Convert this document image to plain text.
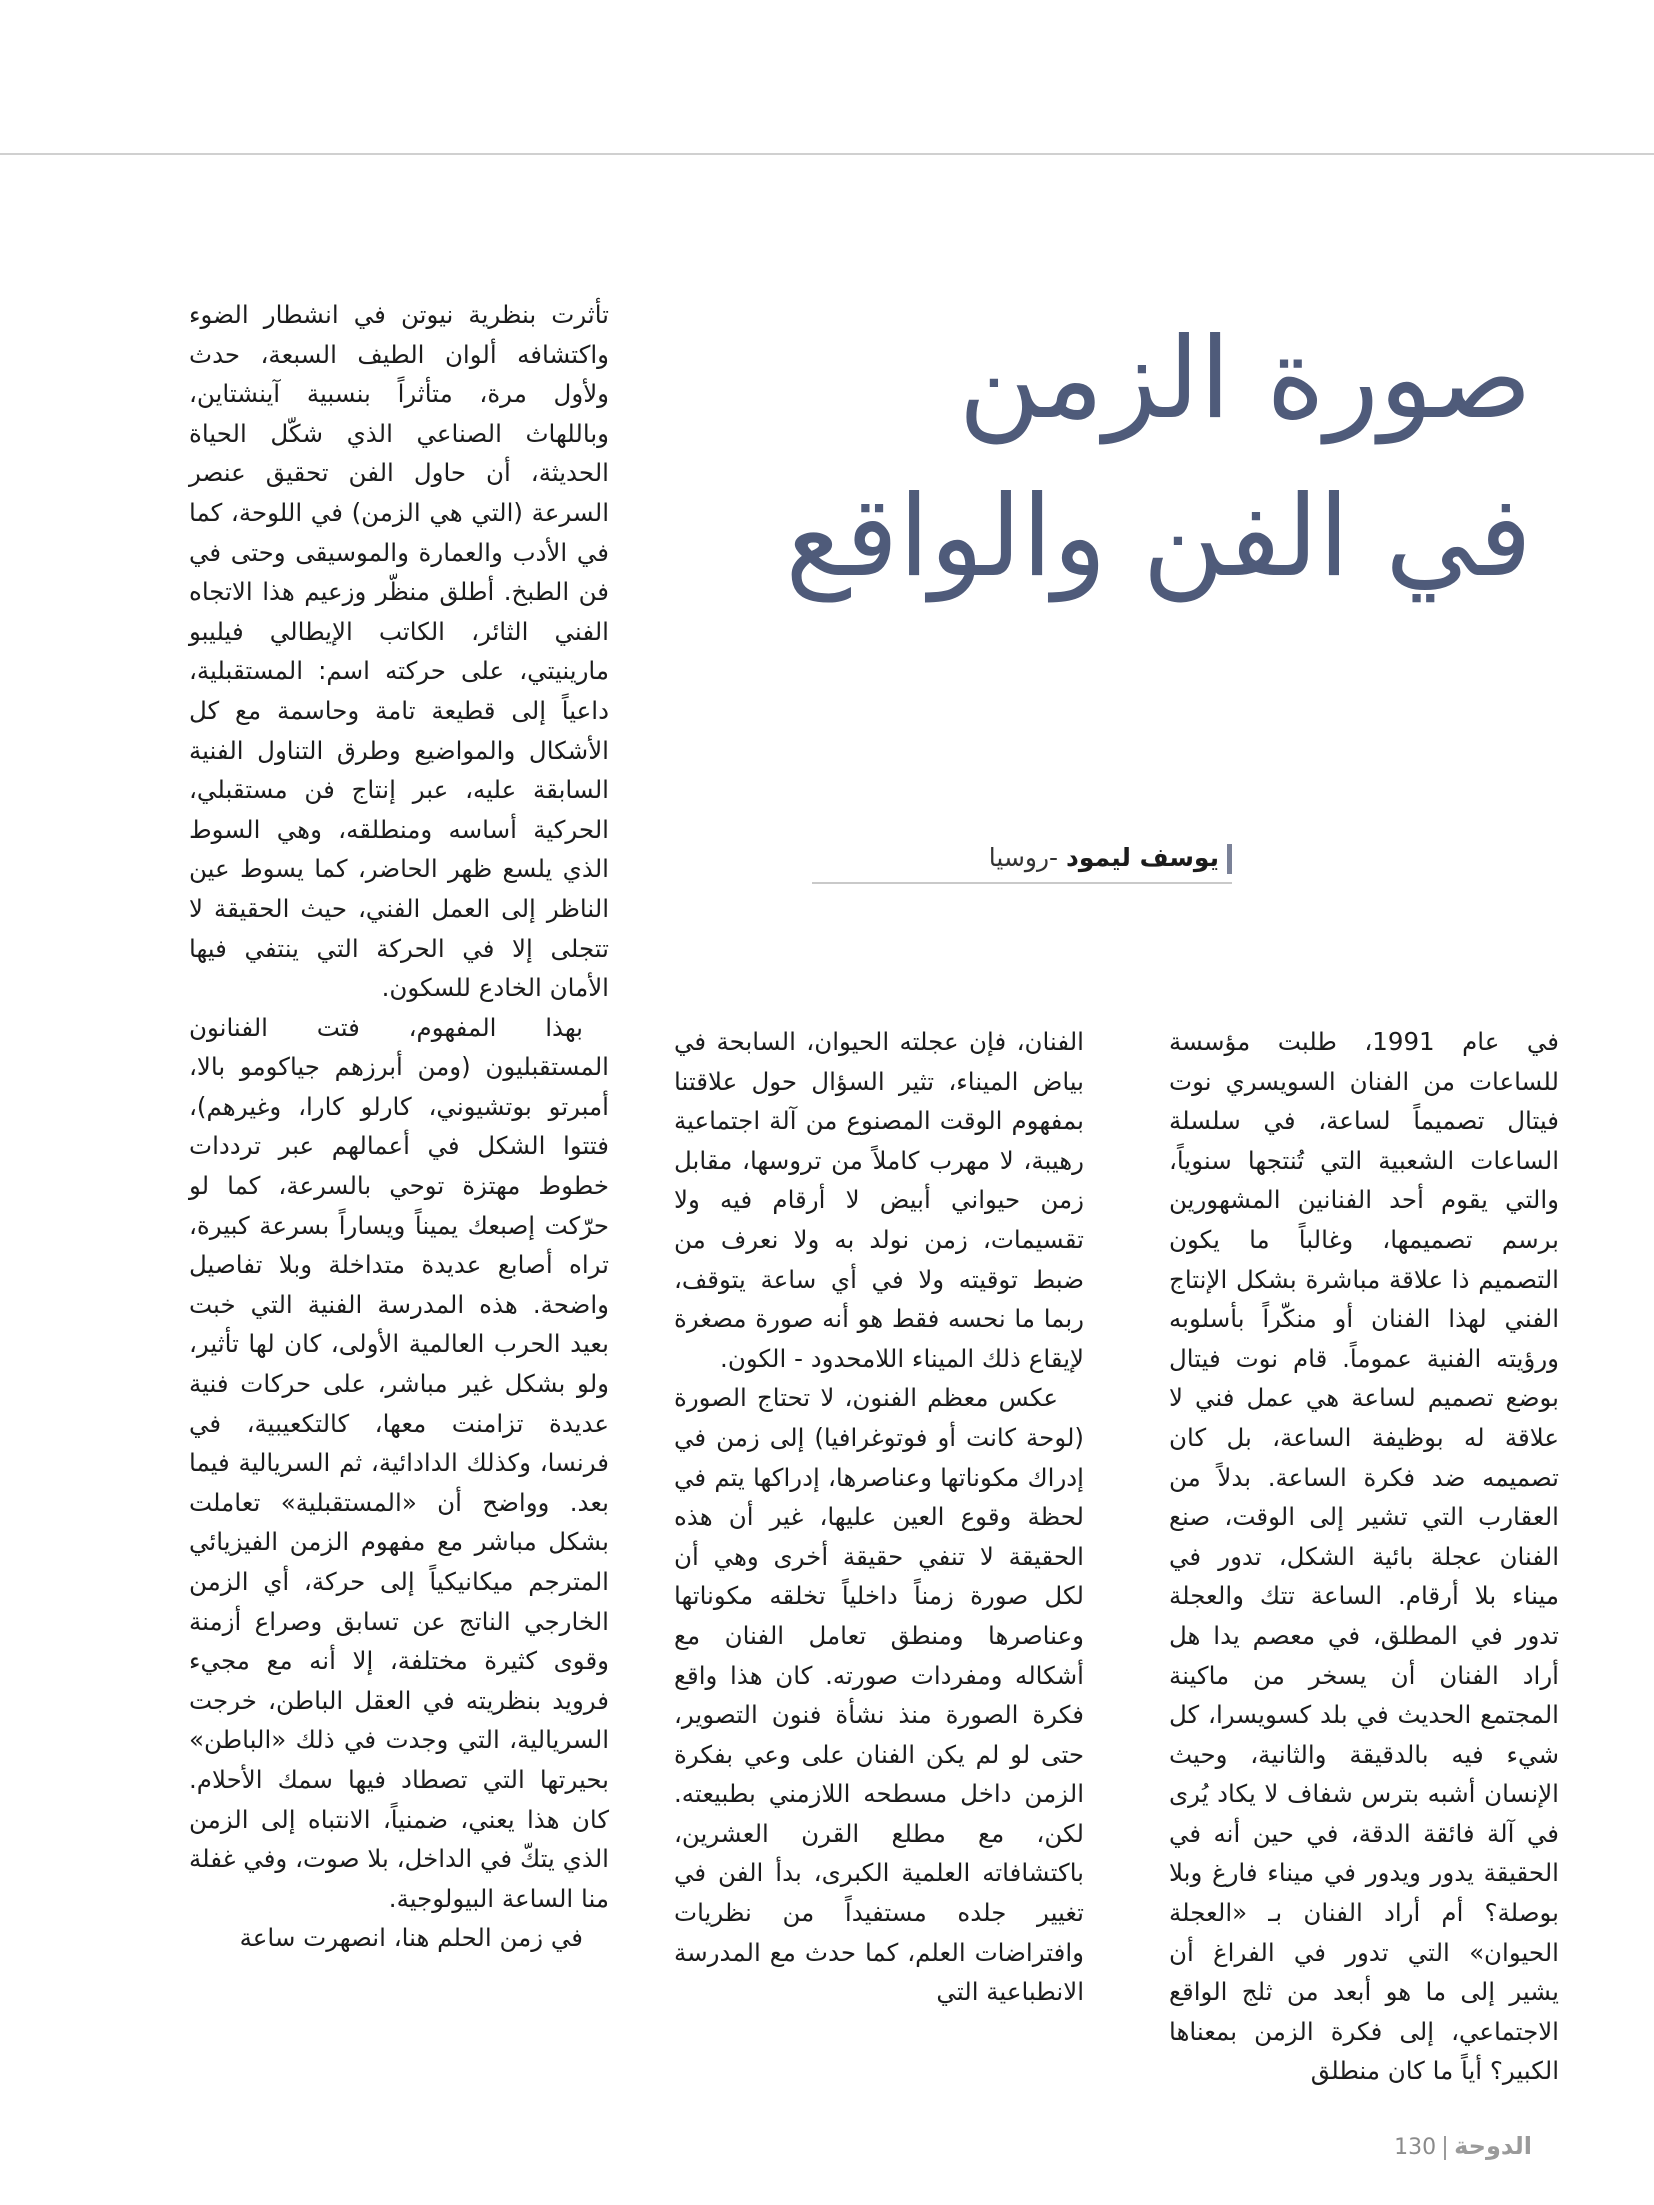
صورة الزمن
في الفن والواقع
يوسف ليمود -روسيا

في عام 1991، طلبت مؤسسة للساعات من الفنان السويسري نوت فيتال تصميماً لساعة، في سلسلة الساعات الشعبية التي تُنتجها سنوياً، والتي يقوم أحد الفنانين المشهورين برسم تصميمها، وغالباً ما يكون التصميم ذا علاقة مباشرة بشكل الإنتاج الفني لهذا الفنان أو منكّراً بأسلوبه ورؤيته الفنية عموماً. قام نوت فيتال بوضع تصميم لساعة هي عمل فني لا علاقة له بوظيفة الساعة، بل كان تصميمه ضد فكرة الساعة. بدلاً من العقارب التي تشير إلى الوقت، صنع الفنان عجلة بائية الشكل، تدور في ميناء بلا أرقام. الساعة تتك والعجلة تدور في المطلق، في معصم يدا هل أراد الفنان أن يسخر من ماكينة المجتمع الحديث في بلد كسويسرا، كل شيء فيه بالدقيقة والثانية، وحيث الإنسان أشبه بترس شفاف لا يكاد يُرى في آلة فائقة الدقة، في حين أنه في الحقيقة يدور ويدور في ميناء فارغ وبلا بوصلة؟ أم أراد الفنان بـ «العجلة الحيوان» التي تدور في الفراغ أن يشير إلى ما هو أبعد من ثلج الواقع الاجتماعي، إلى فكرة الزمن بمعناها الكبير؟ أياً ما كان منطلق

الفنان، فإن عجلته الحيوان، السابحة في بياض الميناء، تثير السؤال حول علاقتنا بمفهوم الوقت المصنوع من آلة اجتماعية رهيبة، لا مهرب كاملاً من تروسها، مقابل زمن حيواني أبيض لا أرقام فيه ولا تقسيمات، زمن نولد به ولا نعرف من ضبط توقيته ولا في أي ساعة يتوقف، ربما ما نحسه فقط هو أنه صورة مصغرة لإيقاع ذلك الميناء اللامحدود - الكون.

عكس معظم الفنون، لا تحتاج الصورة (لوحة كانت أو فوتوغرافيا) إلى زمن في إدراك مكوناتها وعناصرها، إدراكها يتم في لحظة وقوع العين عليها، غير أن هذه الحقيقة لا تنفي حقيقة أخرى وهي أن لكل صورة زمناً داخلياً تخلقه مكوناتها وعناصرها ومنطق تعامل الفنان مع أشكاله ومفردات صورته. كان هذا واقع فكرة الصورة منذ نشأة فنون التصوير، حتى لو لم يكن الفنان على وعي بفكرة الزمن داخل مسطحه اللازمني بطبيعته. لكن، مع مطلع القرن العشرين، باكتشافاته العلمية الكبرى، بدأ الفن في تغيير جلده مستفيداً من نظريات وافتراضات العلم، كما حدث مع المدرسة الانطباعية التي

تأثرت بنظرية نيوتن في انشطار الضوء واكتشافه ألوان الطيف السبعة، حدث ولأول مرة، متأثراً بنسبية آينشتاين، وباللهاث الصناعي الذي شكّل الحياة الحديثة، أن حاول الفن تحقيق عنصر السرعة (التي هي الزمن) في اللوحة، كما في الأدب والعمارة والموسيقى وحتى في فن الطبخ. أطلق منظّر وزعيم هذا الاتجاه الفني الثائر، الكاتب الإيطالي فيليبو مارينيتي، على حركته اسم: المستقبلية، داعياً إلى قطيعة تامة وحاسمة مع كل الأشكال والمواضيع وطرق التناول الفنية السابقة عليه، عبر إنتاج فن مستقبلي، الحركية أساسه ومنطلقه، وهي السوط الذي يلسع ظهر الحاضر، كما يسوط عين الناظر إلى العمل الفني، حيث الحقيقة لا تتجلى إلا في الحركة التي ينتفي فيها الأمان الخادع للسكون.

بهذا المفهوم، فتت الفنانون المستقبليون (ومن أبرزهم جياكومو بالا، أمبرتو بوتشيوني، كارلو كارا، وغيرهم)، فتتوا الشكل في أعمالهم عبر ترددات خطوط مهتزة توحي بالسرعة، كما لو حرّكت إصبعك يميناً ويساراً بسرعة كبيرة، تراه أصابع عديدة متداخلة وبلا تفاصيل واضحة. هذه المدرسة الفنية التي خبت بعيد الحرب العالمية الأولى، كان لها تأثير، ولو بشكل غير مباشر، على حركات فنية عديدة تزامنت معها، كالتكعيبية، في فرنسا، وكذلك الدادائية، ثم السريالية فيما بعد. وواضح أن «المستقبلية» تعاملت بشكل مباشر مع مفهوم الزمن الفيزيائي المترجم ميكانيكياً إلى حركة، أي الزمن الخارجي الناتج عن تسابق وصراع أزمنة وقوى كثيرة مختلفة، إلا أنه مع مجيء فرويد بنظريته في العقل الباطن، خرجت السريالية، التي وجدت في ذلك «الباطن» بحيرتها التي تصطاد فيها سمك الأحلام. كان هذا يعني، ضمنياً، الانتباه إلى الزمن الذي يتكّ في الداخل، بلا صوت، وفي غفلة منا الساعة البيولوجية.

في زمن الحلم هنا، انصهرت ساعة

الدوحة130
